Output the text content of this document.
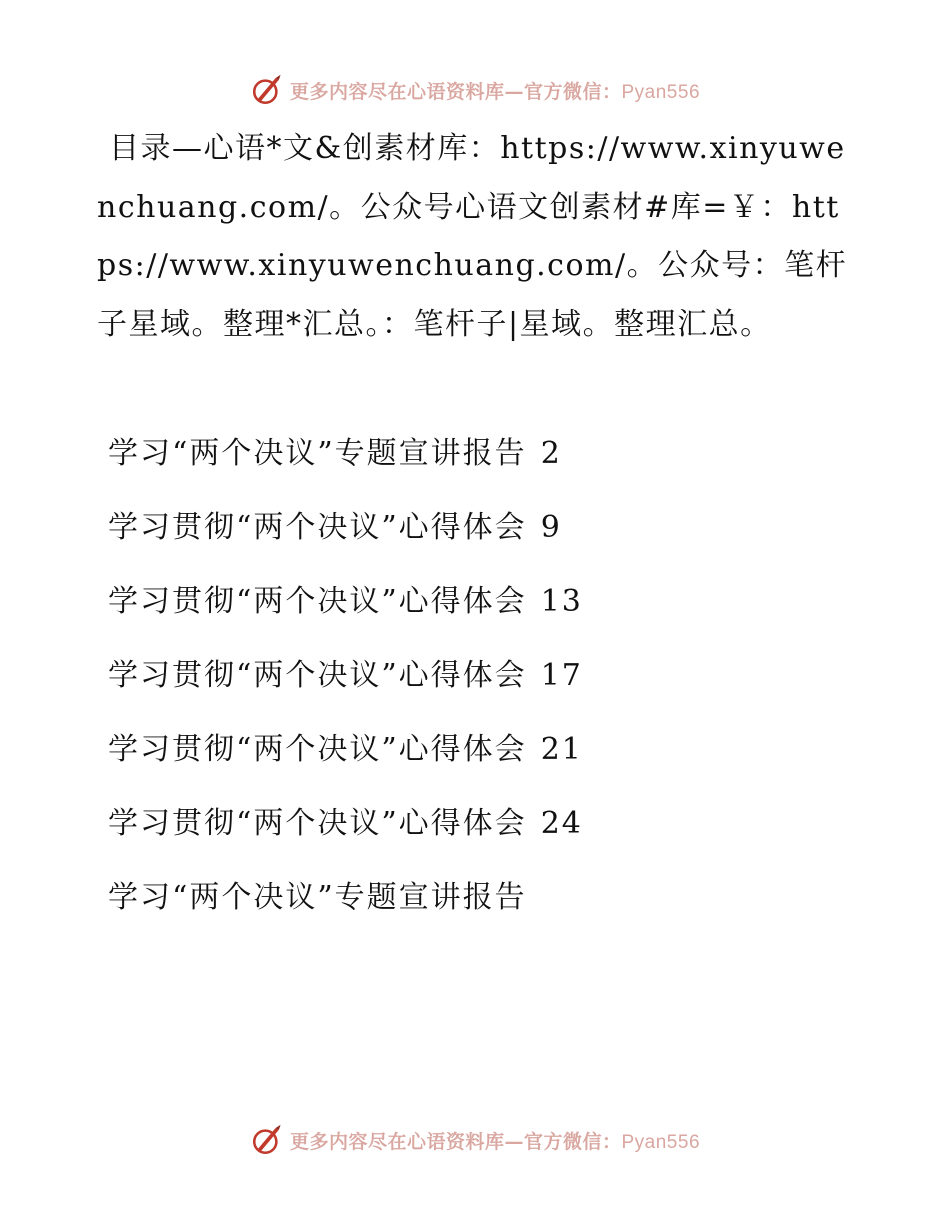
更多内容尽在心语资料库—官方微信：Pyan556
目录—心语*文&创素材库：https://www.xinyuwenchuang.com/。公众号心语文创素材#库=￥：https://www.xinyuwenchuang.com/。公众号：笔杆子星域。整理*汇总。：笔杆子|星域。整理汇总。
学习“两个决议”专题宣讲报告 2
学习贯彻“两个决议”心得体会 9
学习贯彻“两个决议”心得体会 13
学习贯彻“两个决议”心得体会 17
学习贯彻“两个决议”心得体会 21
学习贯彻“两个决议”心得体会 24
学习“两个决议”专题宣讲报告
更多内容尽在心语资料库—官方微信：Pyan556
